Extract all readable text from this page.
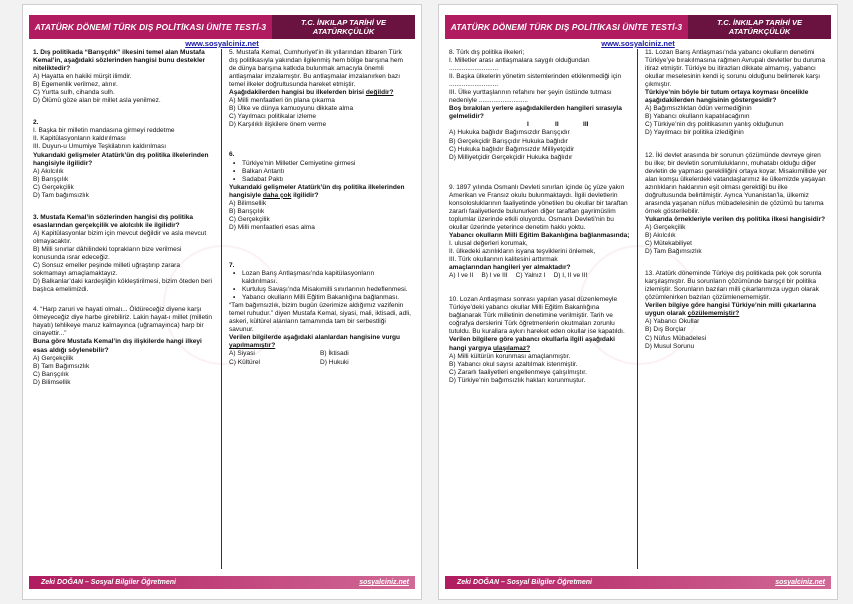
ATATÜRK DÖNEMİ TÜRK DIŞ POLİTİKASI ÜNİTE TESTİ-3	T.C. İNKILAP TARİHİ VE ATATÜRKÇÜLÜK
www.sosyalciniz.net
1. Dış politikada “Barışçılık” ilkesini temel alan Mustafa Kemal’in, aşağıdaki sözlerinden hangisi bunu destekler niteliktedir?
A) Hayatta en hakiki mürşit ilimdir.
B) Egemenlik verilmez, alınır.
C) Yurtta sulh, cihanda sulh.
D) Ölümü göze alan bir millet asla yenilmez.
2.
I. Başka bir milletin mandasına girmeyi reddetme
II. Kapitülasyonların kaldırılması
III. Duyun-u Umumiye Teşkilatının kaldırılması
Yukarıdaki gelişmeler Atatürk’ün dış politika ilkelerinden hangisiyle ilgilidir?
A) Akılcılık
B) Barışçılık
C) Gerçekçilik
D) Tam bağımsızlık
3. Mustafa Kemal’in sözlerinden hangisi dış politika esaslarından gerçekçilik ve akılcılık ile ilgilidir?
A) Kapitülasyonlar bizim için mevcut değildir ve asla mevcut olmayacaktır.
B) Milli sınırlar dâhilindeki toprakların bize verilmesi konusunda ısrar edeceğiz.
C) Sonsuz emeller peşinde milleti uğraştırıp zarara sokmamayı amaçlamaktayız.
D) Balkanlar’daki kardeşliğin kökleştirilmesi, bizim öteden beri başlıca emelimizdi.
4. “Harp zaruri ve hayati olmalı... Öldüreceğiz diyene karşı ölmeyeceğiz diye harbe girebiliriz. Lakin hayat-ı millet (milletin hayatı) tehlikeye maruz kalmayınca (uğramayınca) harp bir cinayettir...”
Buna göre Mustafa Kemal’in dış ilişkilerde hangi ilkeyi esas aldığı söylenebilir?
A) Gerçekçilik
B) Tam Bağımsızlık
C) Barışçılık
D) Bilimsellik
5. Mustafa Kemal, Cumhuriyet’in ilk yıllarından itibaren Türk dış politikasıyla yakından ilgilenmiş hem bölge barışına hem de dünya barışına katkıda bulunmak amacıyla önemli antlaşmalar imzalamıştır. Bu antlaşmalar imzalanırken bazı temel ilkeler doğrultusunda hareket etmiştir.
Aşağıdakilerden hangisi bu ilkelerden birisi değildir?
A) Milli menfaatleri ön plana çıkarma
B) Ülke ve dünya kamuoyunu dikkate alma
C) Yayılmacı politikalar izleme
D) Karşılıklı ilişkilere önem verme
6.
• Türkiye’nin Milletler Cemiyetine girmesi
• Balkan Antantı
• Sadabat Paktı
Yukarıdaki gelişmeler Atatürk’ün dış politika ilkelerinden hangisiyle daha çok ilgilidir?
A) Bilimsellik
B) Barışçılık
C) Gerçekçilik
D) Milli menfaatleri esas alma
7.
• Lozan Barış Antlaşması’nda kapitülasyonların kaldırılması.
• Kurtuluş Savaşı’nda Misakımilli sınırlarının hedeflenmesi.
• Yabancı okulların Milli Eğitim Bakanlığına bağlanması.
“Tam bağımsızlık, bizim bugün üzerimize aldığımız vazifenin temel ruhudur.” diyen Mustafa Kemal, siyasi, mali, iktisadi, adli, askeri, kültürel alanların tamamında tam bir serbestliği savunur.
Verilen bilgilerde aşağıdaki alanlardan hangisine vurgu yapılmamıştır?
A) Siyasi	B) İktisadi
C) Kültürel	D) Hukuki
Zeki DOĞAN – Sosyal Bilgiler Öğretmeni	sosyalciniz.net
ATATÜRK DÖNEMİ TÜRK DIŞ POLİTİKASI ÜNİTE TESTİ-3	T.C. İNKILAP TARİHİ VE ATATÜRKÇÜLÜK
www.sosyalciniz.net
8. Türk dış politika ilkeleri;
I. Milletler arası antlaşmalara saygılı olduğundan ...........................
II. Başka ülkelerin yönetim sistemlerinden etkilenmediği için ...........................
III. Ülke yurttaşlarının refahını her şeyin üstünde tutması nedeniyle ...........................
Boş bırakılan yerlere aşağıdakilerden hangileri sırasıyla gelmelidir?
I	II	III
A) Hukuka bağlıdır Bağımsızdır Barışçıdır
B) Gerçekçidir Barışçıdır Hukuka bağlıdır
C) Hukuka bağlıdır Bağımsızdır Milliyetçidir
D) Milliyetçidir Gerçekçidir Hukuka bağlıdır
9. 1897 yılında Osmanlı Devleti sınırları içinde üç yüze yakın Amerikan ve Fransız okulu bulunmaktaydı. İlgili devletlerin konsolosluklarının faaliyetinde yönetilen bu okullar bir taraftan zararlı faaliyetlerde bulunurken diğer taraftan gayrimüslim toplumlar üzerinde etkili oluyordu. Osmanlı Devleti’nin bu okullar üzerinde yeterince denetim hakkı yoktu.
Yabancı okulların Milli Eğitim Bakanlığına bağlanmasında;
I. ulusal değerleri korumak,
II. ülkedeki azınlıkların isyana teşviklerini önlemek,
III. Türk okullarının kalitesini arttırmak
amaçlarından hangileri yer almaktadır?
A) I ve II B) I ve III C) Yalnız I D) I, II ve III
10. Lozan Antlaşması sonrası yapılan yasal düzenlemeyle Türkiye’deki yabancı okullar Milli Eğitim Bakanlığına bağlanarak Türk milletinin denetimine verilmiştir. Tarih ve coğrafya derslerini Türk öğretmenlerin okutmaları zorunlu tutuldu. Bu kurallara aykırı hareket eden okullar ise kapatıldı.
Verilen bilgilere göre yabancı okullarla ilgili aşağıdaki hangi yargıya ulaşılamaz?
A) Milli kültürün korunması amaçlanmıştır.
B) Yabancı okul sayısı azaltılmak istenmiştir.
C) Zararlı faaliyetleri engellenmeye çalışılmıştır.
D) Türkiye’nin bağımsızlık hakları korunmuştur.
11. Lozan Barış Antlaşması’nda yabancı okulların denetimi Türkiye’ye bırakılmasına rağmen Avrupalı devletler bu duruma itiraz etmiştir. Türkiye bu itirazları dikkate almamış, yabancı okullar meselesinin kendi iç sorunu olduğunu belirterek karşı çıkmıştır.
Türkiye’nin böyle bir tutum ortaya koyması öncelikle aşağıdakilerden hangisinin göstergesidir?
A) Bağımsızlıktan ödün vermediğinin
B) Yabancı okulların kapatılacağının
C) Türkiye’nin dış politikasının yanlış olduğunun
D) Yayılmacı bir politika izlediğinin
12. İki devlet arasında bir sorunun çözümünde devreye giren bu ilke; bir devletin sorumluluklarını, muhatabı olduğu diğer devletin de yapması gerekliliğini ortaya koyar. Misakımillide yer alan komşu ülkelerdeki vatandaşlarımız ile ülkemizde yaşayan azınlıkların haklarının eşit olması gerektiği bu ilke doğrultusunda belirtilmiştir. Ayrıca Yunanistan’la, ülkemiz arasında yaşanan nüfus mübadelesinin de çözümü bu tanıma örnek gösterilebilir.
Yukarıda örnekleriyle verilen dış politika ilkesi hangisidir?
A) Gerçekçilik
B) Akılcılık
C) Mütekabiliyet
D) Tam Bağımsızlık
13. Atatürk döneminde Türkiye dış politikada pek çok sorunla karşılaşmıştır. Bu sorunların çözümünde barışçıl bir politika izlemiştir. Sorunların bazıları milli çıkarlarımıza uygun olarak çözümlenirken bazıları çözümlenememiştir.
Verilen bilgiye göre hangisi Türkiye’nin milli çıkarlarına uygun olarak çözülememiştir?
A) Yabancı Okullar
B) Dış Borçlar
C) Nüfus Mübadelesi
D) Musul Sorunu
Zeki DOĞAN – Sosyal Bilgiler Öğretmeni	sosyalciniz.net
